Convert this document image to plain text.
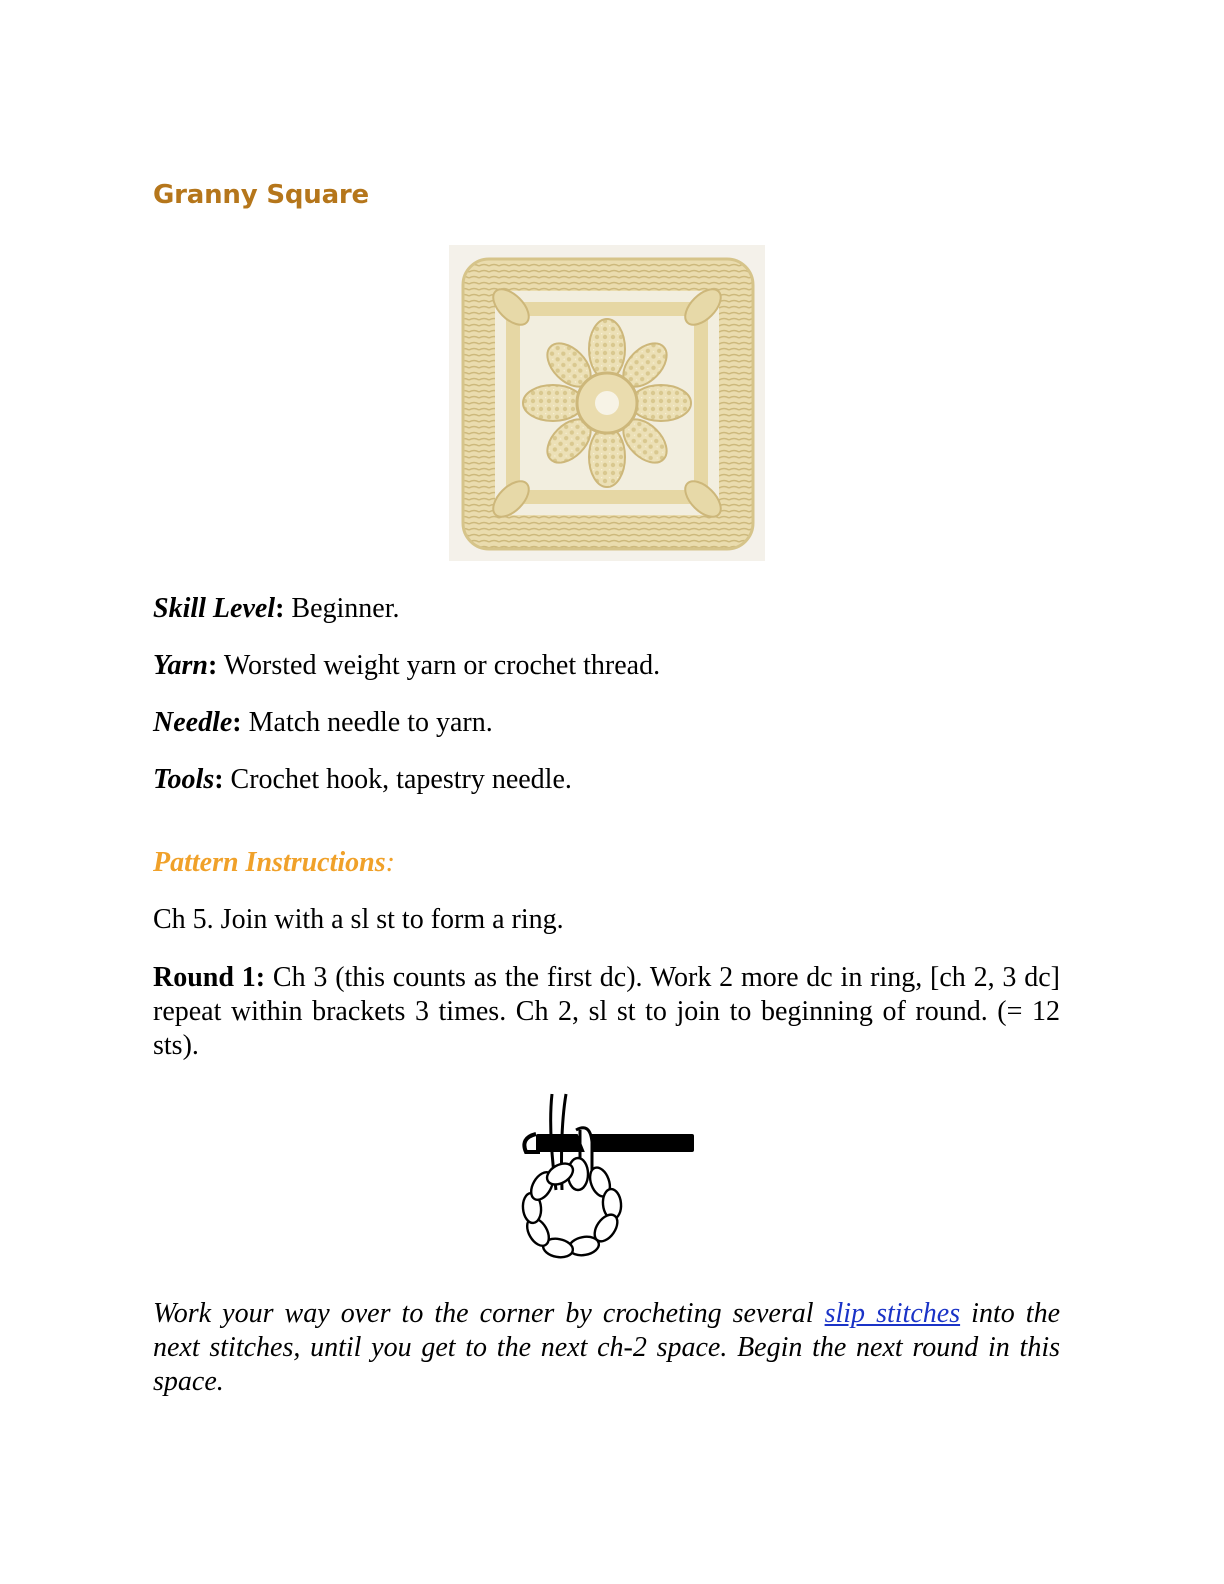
Granny Square

Skill Level: Beginner.

Yarn: Worsted weight yarn or crochet thread.

Needle: Match needle to yarn.

Tools: Crochet hook, tapestry needle.

Pattern Instructions:

Ch 5. Join with a sl st to form a ring.

Round 1: Ch 3 (this counts as the first dc). Work 2 more dc in ring, [ch 2, 3 dc] repeat within brackets 3 times. Ch 2, sl st to join to beginning of round. (= 12 sts).

Work your way over to the corner by crocheting several slip stitches into the next stitches, until you get to the next ch-2 space. Begin the next round in this space.
